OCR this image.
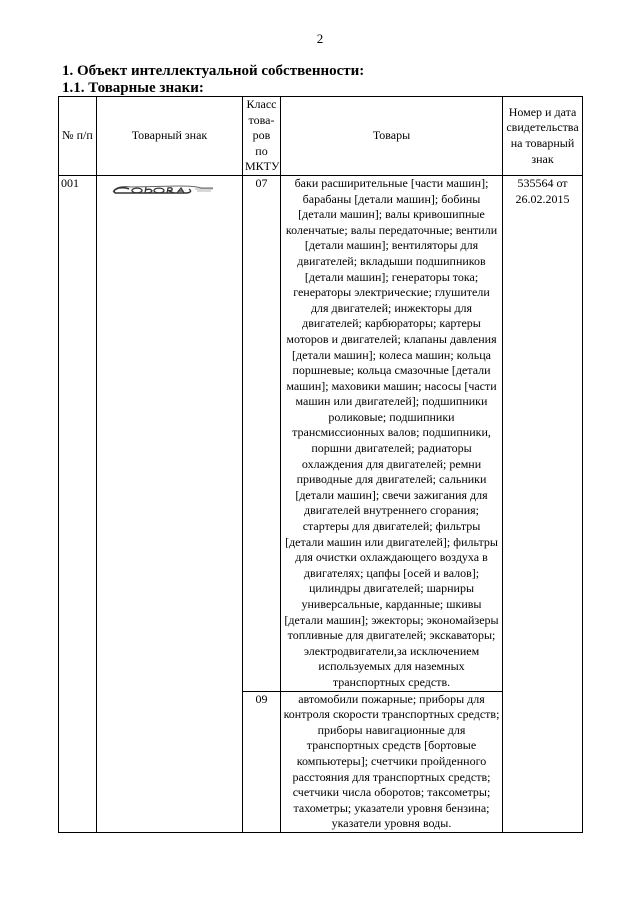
2
1. Объект интеллектуальной собственности:
1.1. Товарные знаки:
№ п/п	Товарный знак	Класс това-ров по МКТУ	Товары	Номер и дата свидетельства на товарный знак
001		07	баки расширительные [части машин]; барабаны [детали машин]; бобины [детали машин]; валы кривошипные коленчатые; валы передаточные; вентили [детали машин]; вентиляторы для двигателей; вкладыши подшипников [детали машин]; генераторы тока; генераторы электрические; глушители для двигателей; инжекторы для двигателей; карбюраторы; картеры моторов и двигателей; клапаны давления [детали машин]; колеса машин; кольца поршневые; кольца смазочные [детали машин]; маховики машин; насосы [части машин или двигателей]; подшипники роликовые; подшипники трансмиссионных валов; подшипники, поршни двигателей; радиаторы охлаждения для двигателей; ремни приводные для двигателей; сальники [детали машин]; свечи зажигания для двигателей внутреннего сгорания; стартеры для двигателей; фильтры [детали машин или двигателей]; фильтры для очистки охлаждающего воздуха в двигателях; цапфы [осей и валов]; цилиндры двигателей; шарниры универсальные, карданные; шкивы [детали машин]; эжекторы; экономайзеры топливные для двигателей; экскаваторы; электродвигатели,за исключением используемых для наземных транспортных средств.	535564 от 26.02.2015
		09	автомобили пожарные; приборы для контроля скорости транспортных средств; приборы навигационные для транспортных средств [бортовые компьютеры]; счетчики пройденного расстояния для транспортных средств; счетчики числа оборотов; таксометры; тахометры; указатели уровня бензина; указатели уровня воды.	
